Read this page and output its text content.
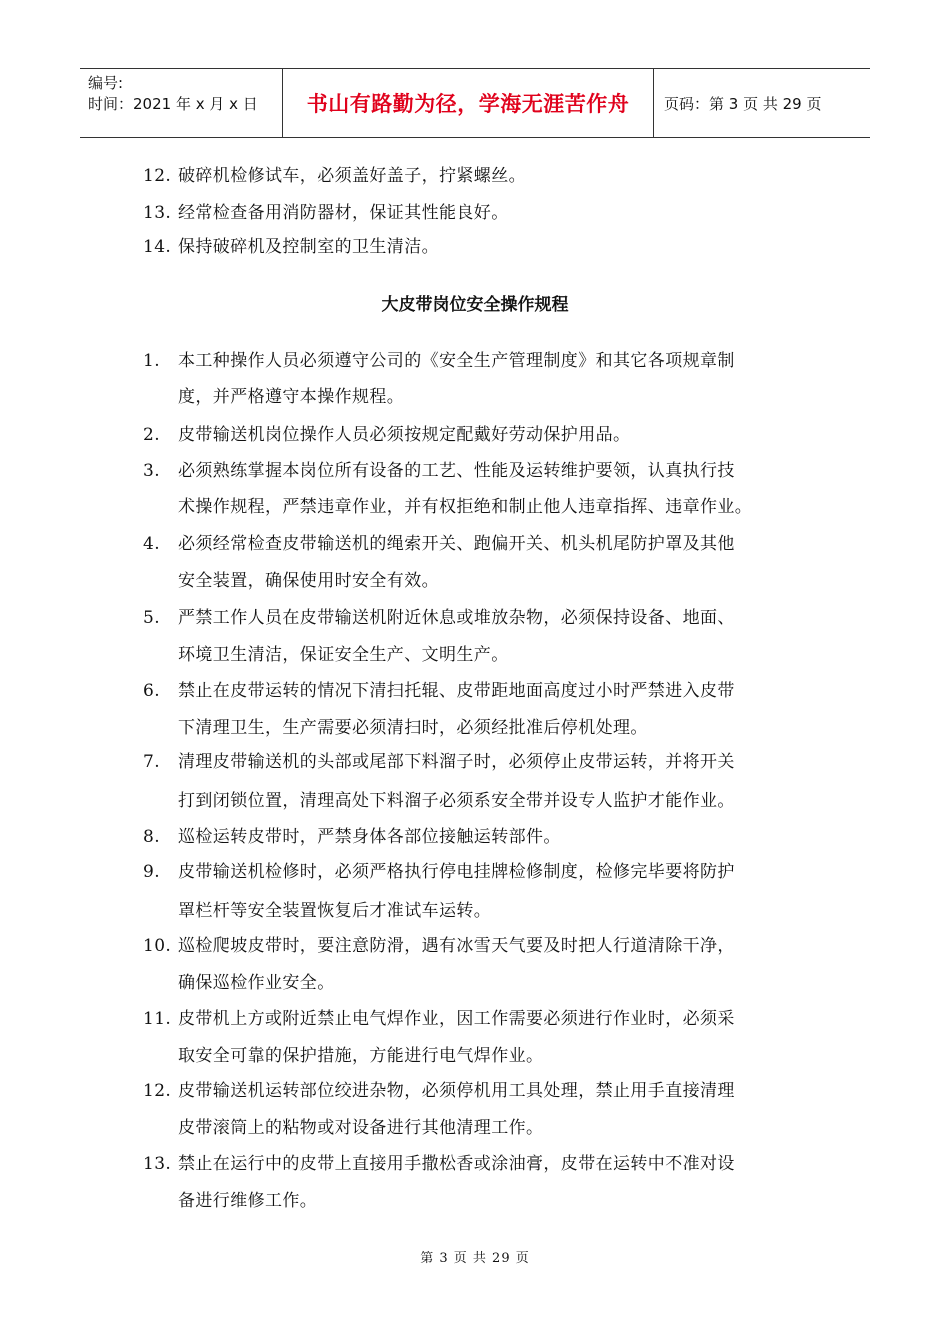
编号:
时间：2021 年 x 月 x 日	书山有路勤为径，学海无涯苦作舟	页码：第 3 页 共 29 页
12. 破碎机检修试车，必须盖好盖子，拧紧螺丝。
13. 经常检查备用消防器材，保证其性能良好。
14. 保持破碎机及控制室的卫生清洁。
1. 本工种操作人员必须遵守公司的《安全生产管理制度》和其它各项规章制
度，并严格遵守本操作规程。
2. 皮带输送机岗位操作人员必须按规定配戴好劳动保护用品。
3. 必须熟练掌握本岗位所有设备的工艺、性能及运转维护要领，认真执行技
术操作规程，严禁违章作业，并有权拒绝和制止他人违章指挥、违章作业。
4. 必须经常检查皮带输送机的绳索开关、跑偏开关、机头机尾防护罩及其他
安全装置，确保使用时安全有效。
5. 严禁工作人员在皮带输送机附近休息或堆放杂物，必须保持设备、地面、
环境卫生清洁，保证安全生产、文明生产。
6. 禁止在皮带运转的情况下清扫托辊、皮带距地面高度过小时严禁进入皮带
下清理卫生，生产需要必须清扫时，必须经批准后停机处理。
7. 清理皮带输送机的头部或尾部下料溜子时，必须停止皮带运转，并将开关
打到闭锁位置，清理高处下料溜子必须系安全带并设专人监护才能作业。
8. 巡检运转皮带时，严禁身体各部位接触运转部件。
9. 皮带输送机检修时，必须严格执行停电挂牌检修制度，检修完毕要将防护
罩栏杆等安全装置恢复后才准试车运转。
10. 巡检爬坡皮带时，要注意防滑，遇有冰雪天气要及时把人行道清除干净，
确保巡检作业安全。
11. 皮带机上方或附近禁止电气焊作业，因工作需要必须进行作业时，必须采
取安全可靠的保护措施，方能进行电气焊作业。
12. 皮带输送机运转部位绞进杂物，必须停机用工具处理，禁止用手直接清理
皮带滚筒上的粘物或对设备进行其他清理工作。
13. 禁止在运行中的皮带上直接用手撒松香或涂油膏，皮带在运转中不准对设
备进行维修工作。
大皮带岗位安全操作规程
第 3 页 共 29 页
